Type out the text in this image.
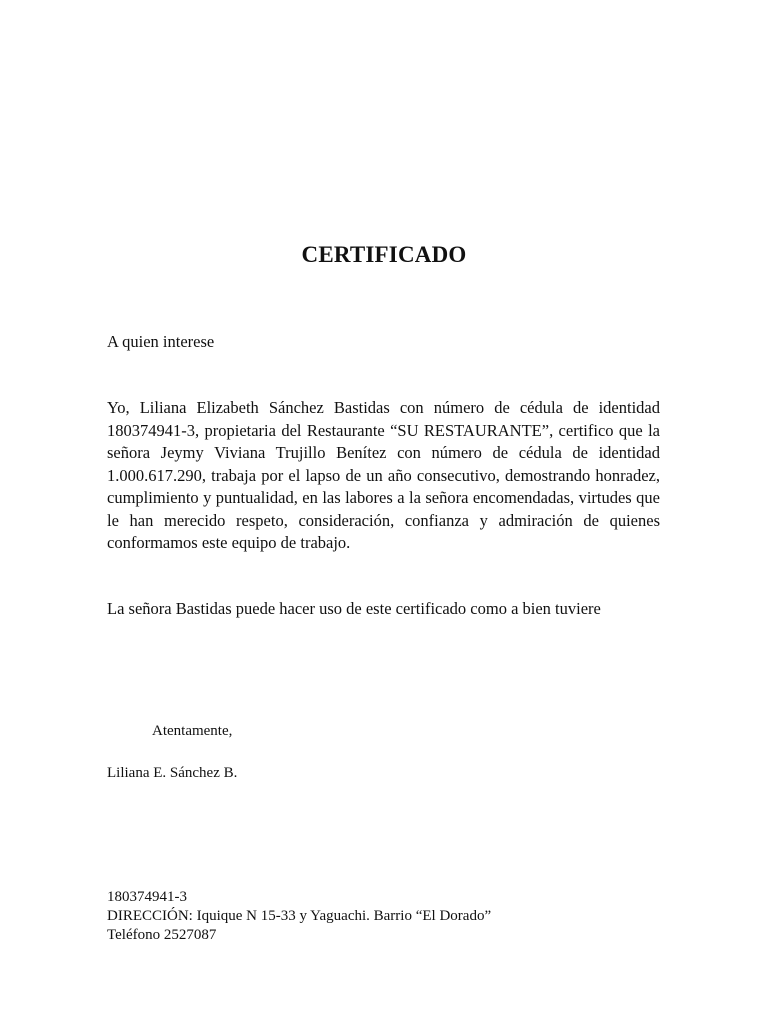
CERTIFICADO
A quien interese

Yo, Liliana Elizabeth Sánchez Bastidas con número de cédula de identidad 180374941-3, propietaria del Restaurante “SU RESTAURANTE”, certifico que la señora Jeymy Viviana Trujillo Benítez con número de cédula de identidad 1.000.617.290, trabaja por el lapso de un año consecutivo, demostrando honradez, cumplimiento y puntualidad, en las labores a la señora encomendadas, virtudes que le han merecido respeto, consideración, confianza y admiración de quienes conformamos este equipo de trabajo.

La señora Bastidas puede hacer uso de este certificado como a bien tuviere

Atentamente,
Liliana E. Sánchez B.
180374941-3
DIRECCIÓN: Iquique N 15-33 y Yaguachi. Barrio “El Dorado”
Teléfono 2527087
